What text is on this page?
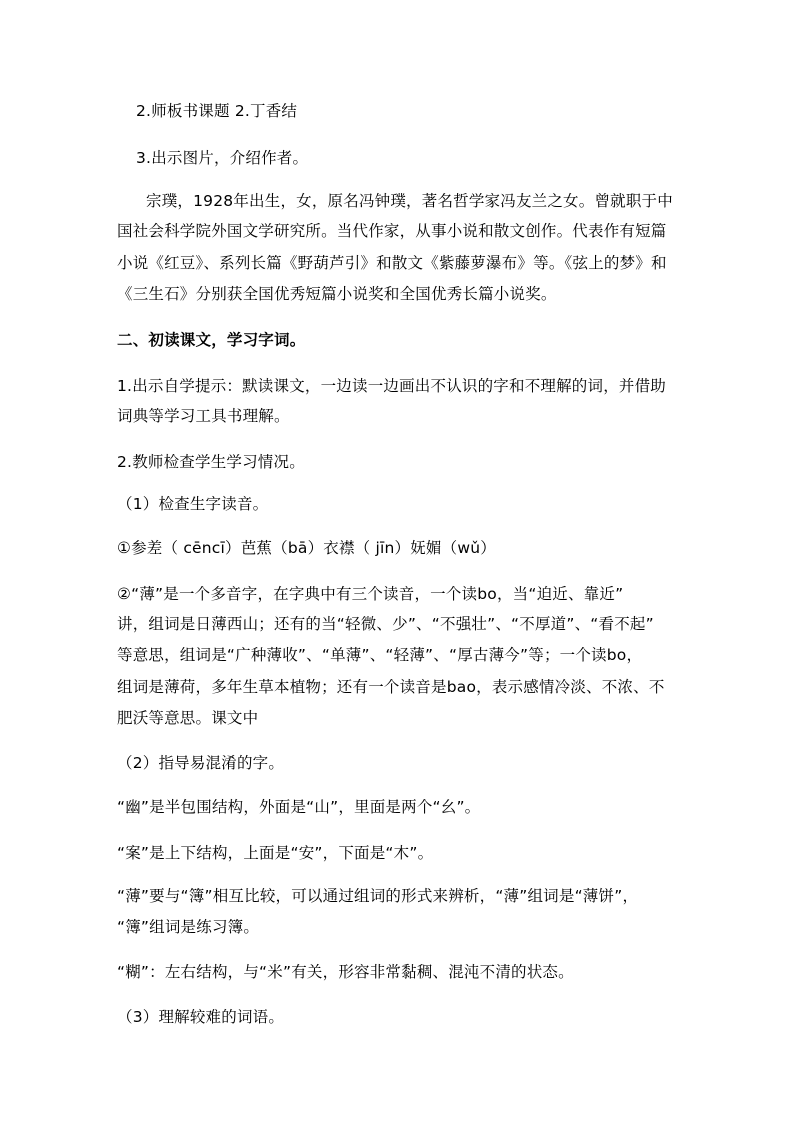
2.师板书课题 2.丁香结

3.出示图片，介绍作者。

宗璞，1928年出生，女，原名冯钟璞，著名哲学家冯友兰之女。曾就职于中

国社会科学院外国文学研究所。当代作家，从事小说和散文创作。代表作有短篇

小说《红豆》、系列长篇《野葫芦引》和散文《紫藤萝瀑布》等。《弦上的梦》和

《三生石》分别获全国优秀短篇小说奖和全国优秀长篇小说奖。

二、初读课文，学习字词。

1.出示自学提示：默读课文，一边读一边画出不认识的字和不理解的词，并借助

词典等学习工具书理解。

2.教师检查学生学习情况。

（1）检查生字读音。

①参差（ cēncī）芭蕉（bā）衣襟（ jīn）妩媚（wǔ）

②“薄”是一个多音字，在字典中有三个读音，一个读bo，当“迫近、靠近”

讲，组词是日薄西山；还有的当“轻微、少”、“不强壮”、“不厚道”、“看不起”

等意思，组词是“广种薄收”、“单薄”、“轻薄”、“厚古薄今”等；一个读bo，

组词是薄荷，多年生草本植物；还有一个读音是bao，表示感情冷淡、不浓、不

肥沃等意思。课文中

（2）指导易混淆的字。

“幽”是半包围结构，外面是“山”，里面是两个“幺”。

“案”是上下结构，上面是“安”，下面是“木”。

“薄”要与“簿”相互比较，可以通过组词的形式来辨析，“薄”组词是“薄饼”，

“簿”组词是练习簿。

“糊”：左右结构，与“米”有关，形容非常黏稠、混沌不清的状态。

（3）理解较难的词语。
